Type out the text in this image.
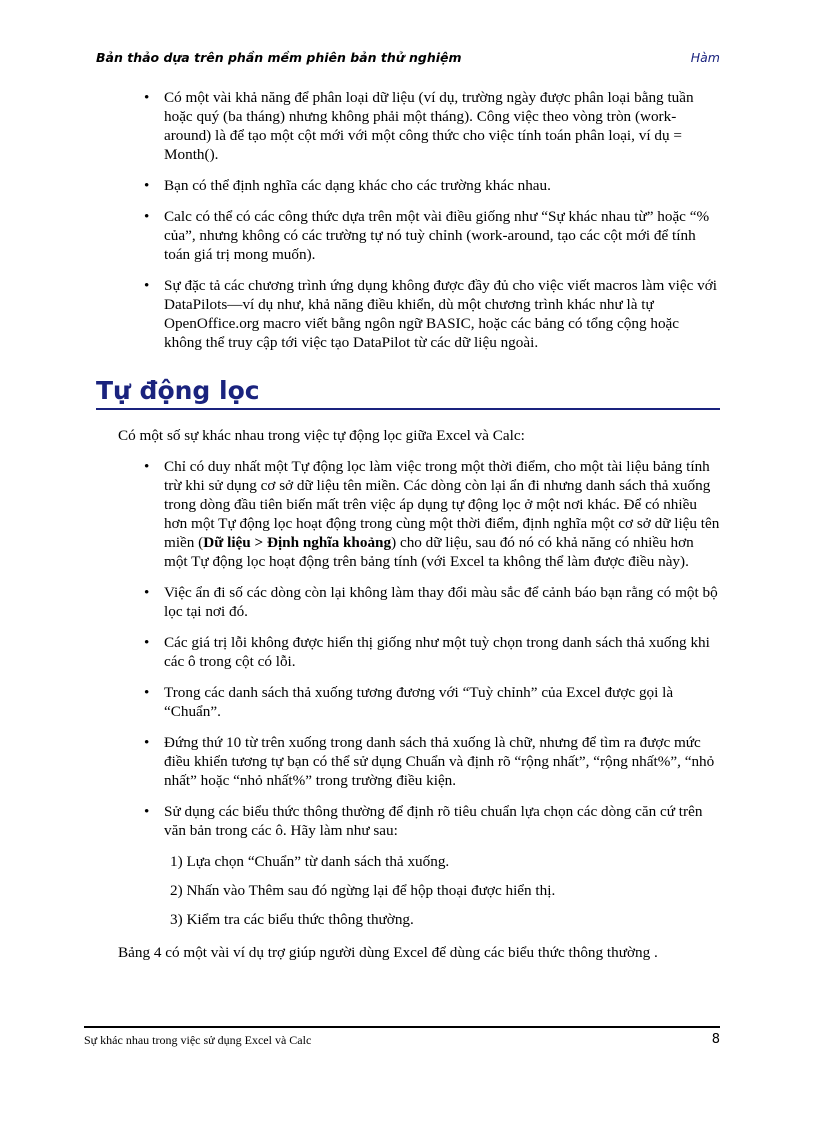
Bản thảo dựa trên phần mềm phiên bản thử nghiệm	Hàm
• Có một vài khả năng để phân loại dữ liệu (ví dụ, trường ngày được phân loại bằng tuần hoặc quý (ba tháng) nhưng không phải một tháng). Công việc theo vòng tròn (work-around) là để tạo một cột mới với một công thức cho việc tính toán phân loại, ví dụ = Month().
• Bạn có thể định nghĩa các dạng khác cho các trường khác nhau.
• Calc có thể có các công thức dựa trên một vài điều giống như “Sự khác nhau từ” hoặc “% của”, nhưng không có các trường tự nó tuỳ chỉnh (work-around, tạo các cột mới để tính toán giá trị mong muốn).
• Sự đặc tả các chương trình ứng dụng không được đầy đủ cho việc viết macros làm việc với DataPilots—ví dụ như, khả năng điều khiển, dù một chương trình khác như là tự OpenOffice.org macro viết bằng ngôn ngữ BASIC, hoặc các bảng có tổng cộng hoặc không thể truy cập tới việc tạo DataPilot từ các dữ liệu ngoài.
Tự động lọc

Có một số sự khác nhau trong việc tự động lọc giữa Excel và Calc:

• Chỉ có duy nhất một Tự động lọc làm việc trong một thời điểm, cho một tài liệu bảng tính trừ khi sử dụng cơ sở dữ liệu tên miền. Các dòng còn lại ẩn đi nhưng danh sách thả xuống trong dòng đầu tiên biến mất trên việc áp dụng tự động lọc ở một nơi khác. Để có nhiều hơn một Tự động lọc hoạt động trong cùng một thời điểm, định nghĩa một cơ sở dữ liệu tên miền (Dữ liệu > Định nghĩa khoảng) cho dữ liệu, sau đó nó có khả năng có nhiều hơn một Tự động lọc hoạt động trên bảng tính (với Excel ta không thể làm được điều này).
• Việc ẩn đi số các dòng còn lại không làm thay đổi màu sắc để cảnh báo bạn rằng có một bộ lọc tại nơi đó.
• Các giá trị lỗi không được hiển thị giống như một tuỳ chọn trong danh sách thả xuống khi các ô trong cột có lỗi.
• Trong các danh sách thả xuống tương đương với “Tuỳ chỉnh” của Excel được gọi là “Chuẩn”.
• Đứng thứ 10 từ trên xuống trong danh sách thả xuống là chữ, nhưng để tìm ra được mức điều khiển tương tự bạn có thể sử dụng Chuẩn và định rõ “rộng nhất”, “rộng nhất%”, “nhỏ nhất” hoặc “nhỏ nhất%” trong trường điều kiện.
• Sử dụng các biểu thức thông thường để định rõ tiêu chuẩn lựa chọn các dòng căn cứ trên văn bản trong các ô. Hãy làm như sau:
1) Lựa chọn “Chuẩn” từ danh sách thả xuống.
2) Nhấn vào Thêm sau đó ngừng lại để hộp thoại được hiển thị.
3) Kiểm tra các biểu thức thông thường.

Bảng 4 có một vài ví dụ trợ giúp người dùng Excel để dùng các biểu thức thông thường .

Sự khác nhau trong việc sử dụng Excel và Calc	8
